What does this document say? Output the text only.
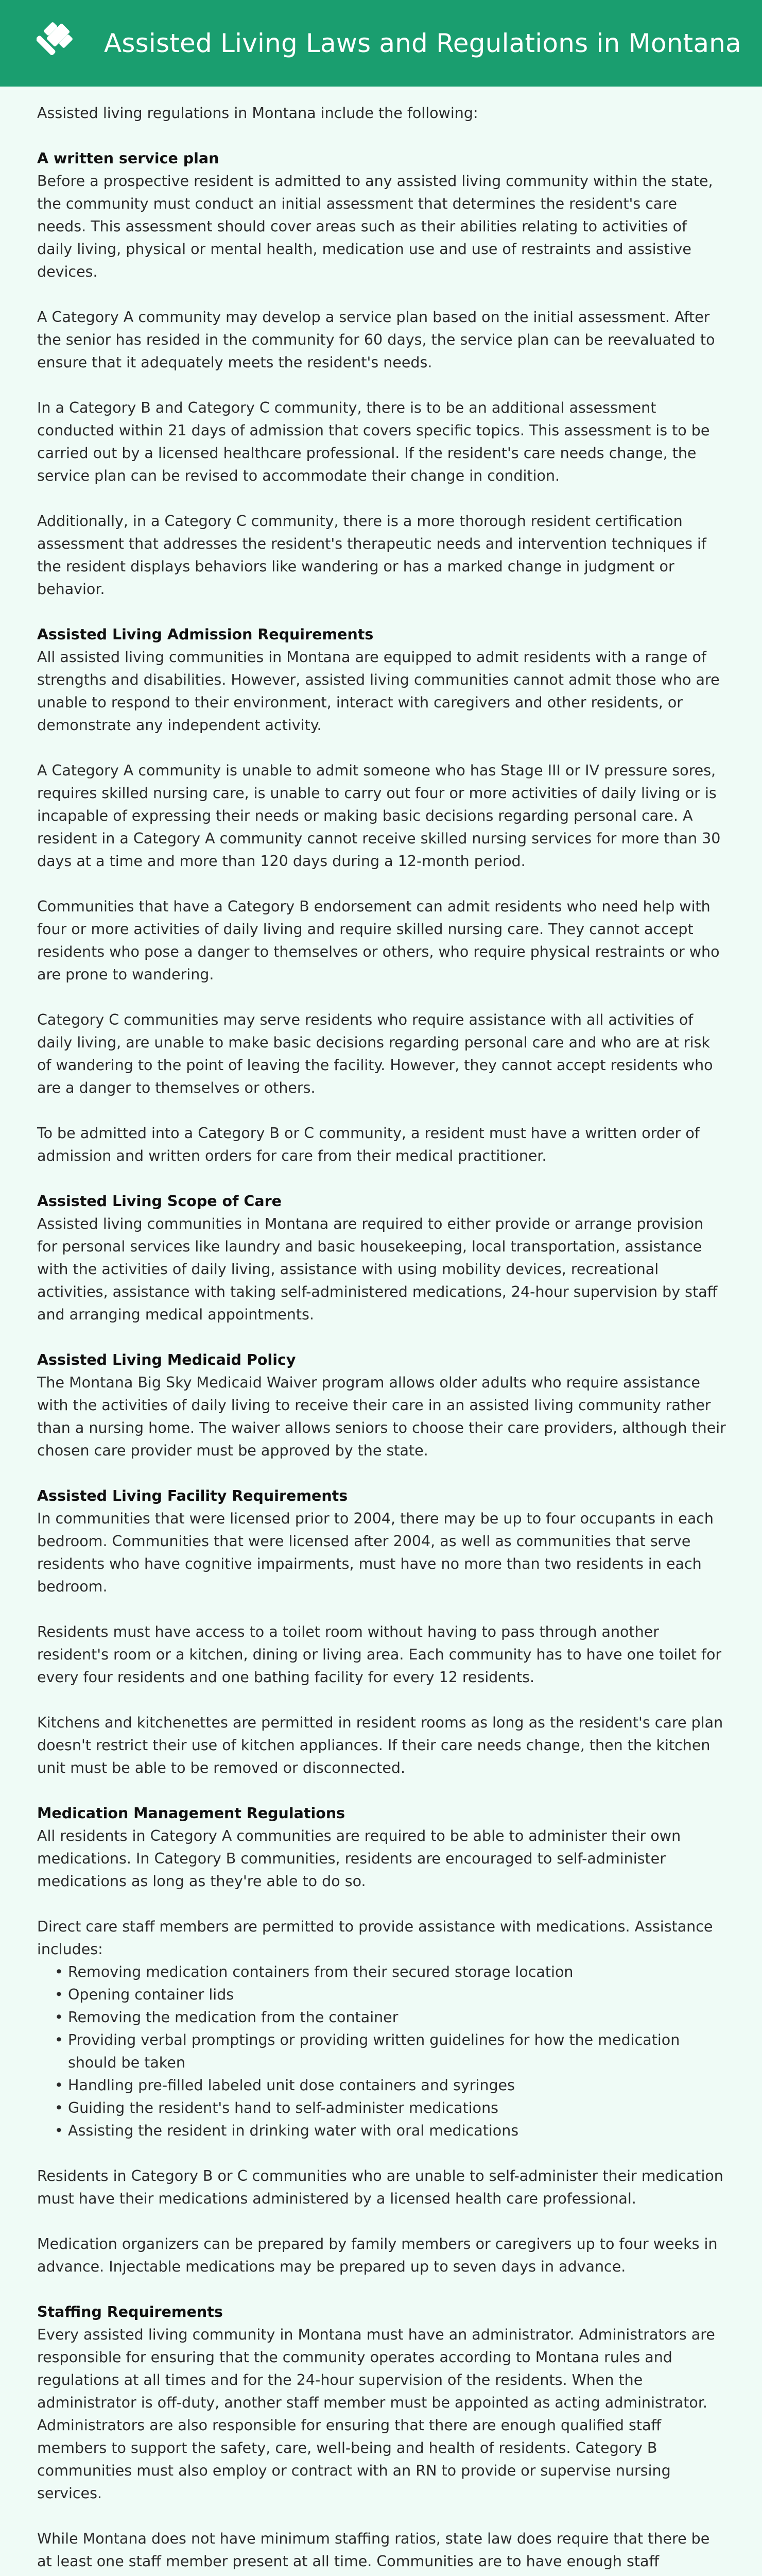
Assisted Living Laws and Regulations in Montana

Assisted living regulations in Montana include the following:

A written service plan

Before a prospective resident is admitted to any assisted living community within the state, the community must conduct an initial assessment that determines the resident's care needs. This assessment should cover areas such as their abilities relating to activities of daily living, physical or mental health, medication use and use of restraints and assistive devices.

A Category A community may develop a service plan based on the initial assessment. After the senior has resided in the community for 60 days, the service plan can be reevaluated to ensure that it adequately meets the resident's needs.

In a Category B and Category C community, there is to be an additional assessment conducted within 21 days of admission that covers specific topics. This assessment is to be carried out by a licensed healthcare professional. If the resident's care needs change, the service plan can be revised to accommodate their change in condition.

Additionally, in a Category C community, there is a more thorough resident certification assessment that addresses the resident's therapeutic needs and intervention techniques if the resident displays behaviors like wandering or has a marked change in judgment or behavior.

Assisted Living Admission Requirements

All assisted living communities in Montana are equipped to admit residents with a range of strengths and disabilities. However, assisted living communities cannot admit those who are unable to respond to their environment, interact with caregivers and other residents, or demonstrate any independent activity.

A Category A community is unable to admit someone who has Stage III or IV pressure sores, requires skilled nursing care, is unable to carry out four or more activities of daily living or is incapable of expressing their needs or making basic decisions regarding personal care. A resident in a Category A community cannot receive skilled nursing services for more than 30 days at a time and more than 120 days during a 12-month period.

Communities that have a Category B endorsement can admit residents who need help with four or more activities of daily living and require skilled nursing care. They cannot accept residents who pose a danger to themselves or others, who require physical restraints or who are prone to wandering.

Category C communities may serve residents who require assistance with all activities of daily living, are unable to make basic decisions regarding personal care and who are at risk of wandering to the point of leaving the facility. However, they cannot accept residents who are a danger to themselves or others.

To be admitted into a Category B or C community, a resident must have a written order of admission and written orders for care from their medical practitioner.

Assisted Living Scope of Care

Assisted living communities in Montana are required to either provide or arrange provision for personal services like laundry and basic housekeeping, local transportation, assistance with the activities of daily living, assistance with using mobility devices, recreational activities, assistance with taking self-administered medications, 24-hour supervision by staff and arranging medical appointments.

Assisted Living Medicaid Policy

The Montana Big Sky Medicaid Waiver program allows older adults who require assistance with the activities of daily living to receive their care in an assisted living community rather than a nursing home. The waiver allows seniors to choose their care providers, although their chosen care provider must be approved by the state.

Assisted Living Facility Requirements

In communities that were licensed prior to 2004, there may be up to four occupants in each bedroom. Communities that were licensed after 2004, as well as communities that serve residents who have cognitive impairments, must have no more than two residents in each bedroom.

Residents must have access to a toilet room without having to pass through another resident's room or a kitchen, dining or living area. Each community has to have one toilet for every four residents and one bathing facility for every 12 residents.

Kitchens and kitchenettes are permitted in resident rooms as long as the resident's care plan doesn't restrict their use of kitchen appliances. If their care needs change, then the kitchen unit must be able to be removed or disconnected.

Medication Management Regulations

All residents in Category A communities are required to be able to administer their own medications. In Category B communities, residents are encouraged to self-administer medications as long as they're able to do so.

Direct care staff members are permitted to provide assistance with medications. Assistance includes:

• Removing medication containers from their secured storage location
• Opening container lids
• Removing the medication from the container
• Providing verbal promptings or providing written guidelines for how the medication should be taken
• Handling pre-filled labeled unit dose containers and syringes
• Guiding the resident's hand to self-administer medications
• Assisting the resident in drinking water with oral medications

Residents in Category B or C communities who are unable to self-administer their medication must have their medications administered by a licensed health care professional.

Medication organizers can be prepared by family members or caregivers up to four weeks in advance. Injectable medications may be prepared up to seven days in advance.

Staffing Requirements

Every assisted living community in Montana must have an administrator. Administrators are responsible for ensuring that the community operates according to Montana rules and regulations at all times and for the 24-hour supervision of the residents. When the administrator is off-duty, another staff member must be appointed as acting administrator. Administrators are also responsible for ensuring that there are enough qualified staff members to support the safety, care, well-being and health of residents. Category B communities must also employ or contract with an RN to provide or supervise nursing services.

While Montana does not have minimum staffing ratios, state law does require that there be at least one staff member present at all time. Communities are to have enough staff
